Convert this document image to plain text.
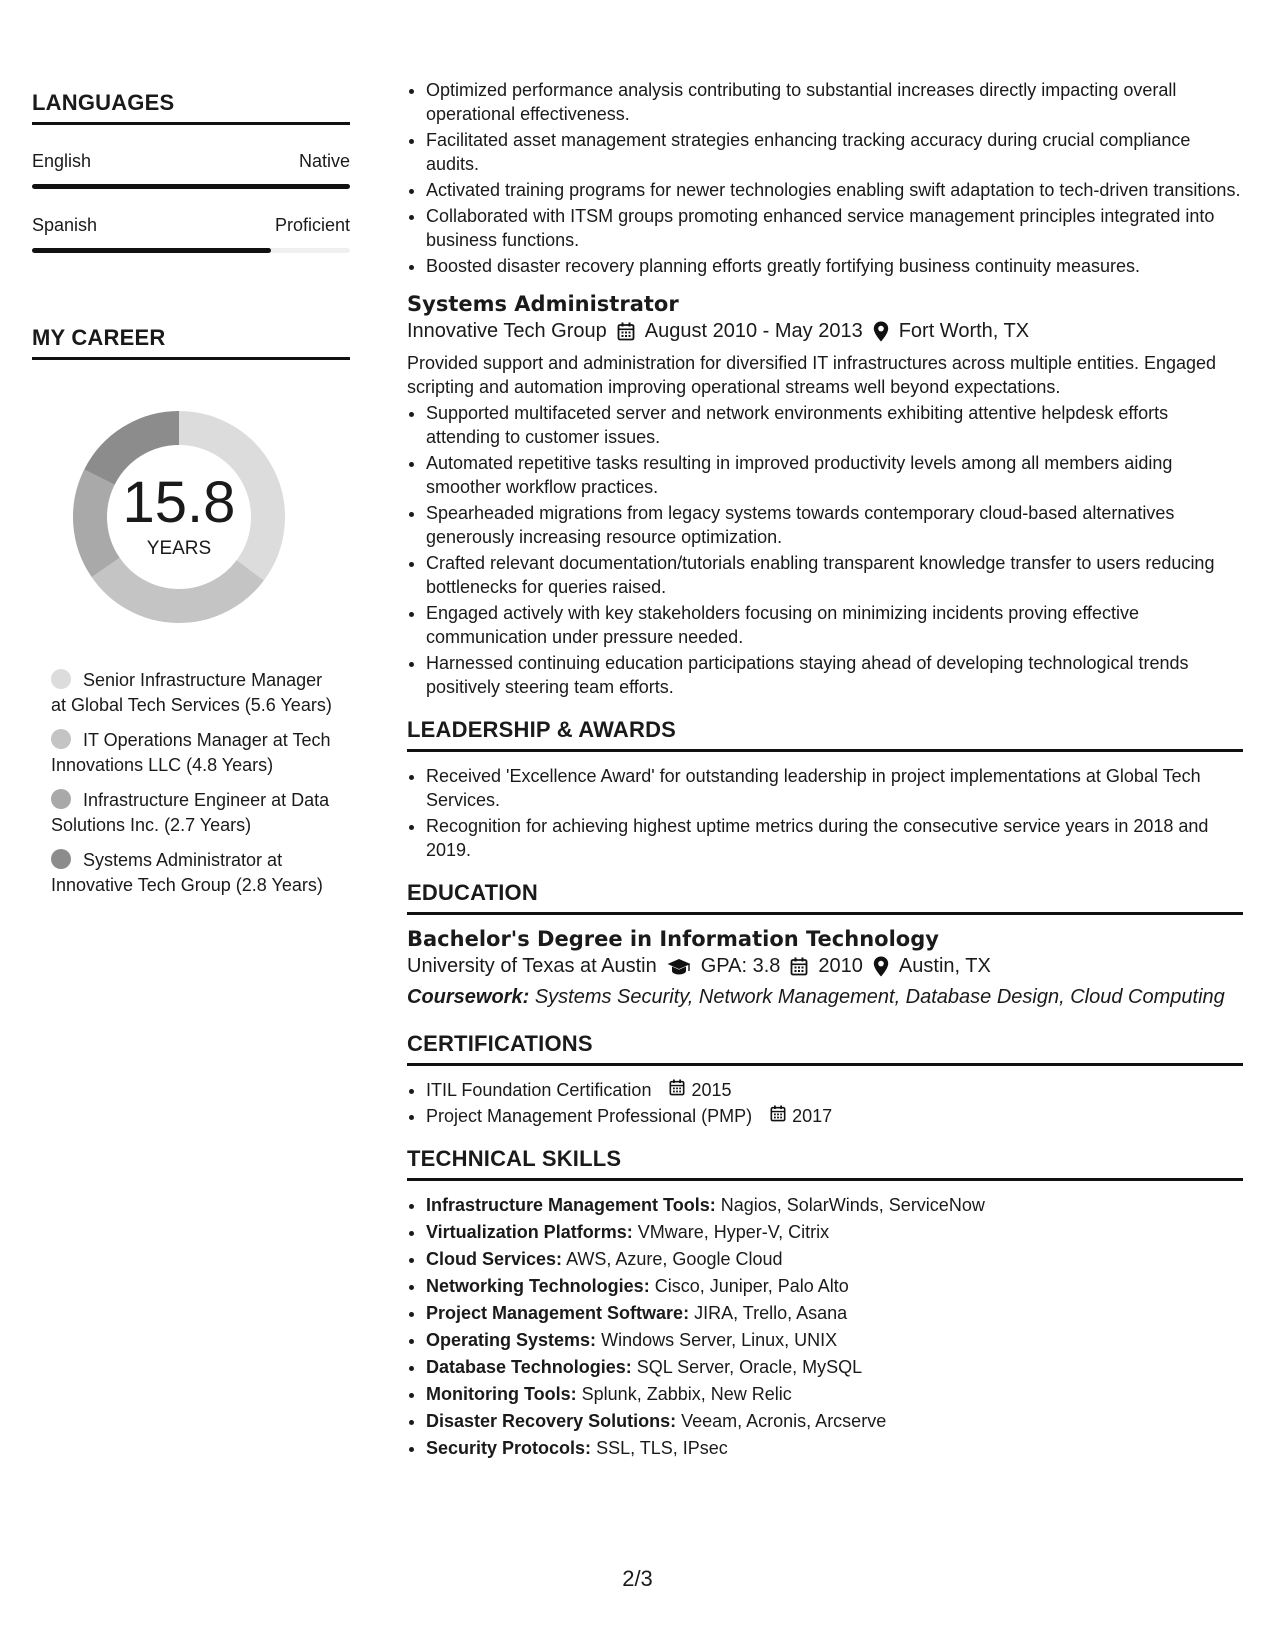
LANGUAGES
English	Native
Spanish	Proficient
MY CAREER
15.8
YEARS
Senior Infrastructure Manager at Global Tech Services (5.6 Years)
IT Operations Manager at Tech Innovations LLC (4.8 Years)
Infrastructure Engineer at Data Solutions Inc. (2.7 Years)
Systems Administrator at Innovative Tech Group (2.8 Years)
• Optimized performance analysis contributing to substantial increases directly impacting overall operational effectiveness.
• Facilitated asset management strategies enhancing tracking accuracy during crucial compliance audits.
• Activated training programs for newer technologies enabling swift adaptation to tech-driven transitions.
• Collaborated with ITSM groups promoting enhanced service management principles integrated into business functions.
• Boosted disaster recovery planning efforts greatly fortifying business continuity measures.
Systems Administrator
Innovative Tech Group August 2010 - May 2013 Fort Worth, TX
Provided support and administration for diversified IT infrastructures across multiple entities. Engaged scripting and automation improving operational streams well beyond expectations.
• Supported multifaceted server and network environments exhibiting attentive helpdesk efforts attending to customer issues.
• Automated repetitive tasks resulting in improved productivity levels among all members aiding smoother workflow practices.
• Spearheaded migrations from legacy systems towards contemporary cloud-based alternatives generously increasing resource optimization.
• Crafted relevant documentation/tutorials enabling transparent knowledge transfer to users reducing bottlenecks for queries raised.
• Engaged actively with key stakeholders focusing on minimizing incidents proving effective communication under pressure needed.
• Harnessed continuing education participations staying ahead of developing technological trends positively steering team efforts.
LEADERSHIP & AWARDS
• Received 'Excellence Award' for outstanding leadership in project implementations at Global Tech Services.
• Recognition for achieving highest uptime metrics during the consecutive service years in 2018 and 2019.
EDUCATION
Bachelor's Degree in Information Technology
University of Texas at Austin GPA: 3.8 2010 Austin, TX
Coursework: Systems Security, Network Management, Database Design, Cloud Computing
CERTIFICATIONS
• ITIL Foundation Certification 2015
• Project Management Professional (PMP) 2017
TECHNICAL SKILLS
• Infrastructure Management Tools: Nagios, SolarWinds, ServiceNow
• Virtualization Platforms: VMware, Hyper-V, Citrix
• Cloud Services: AWS, Azure, Google Cloud
• Networking Technologies: Cisco, Juniper, Palo Alto
• Project Management Software: JIRA, Trello, Asana
• Operating Systems: Windows Server, Linux, UNIX
• Database Technologies: SQL Server, Oracle, MySQL
• Monitoring Tools: Splunk, Zabbix, New Relic
• Disaster Recovery Solutions: Veeam, Acronis, Arcserve
• Security Protocols: SSL, TLS, IPsec
2/3
